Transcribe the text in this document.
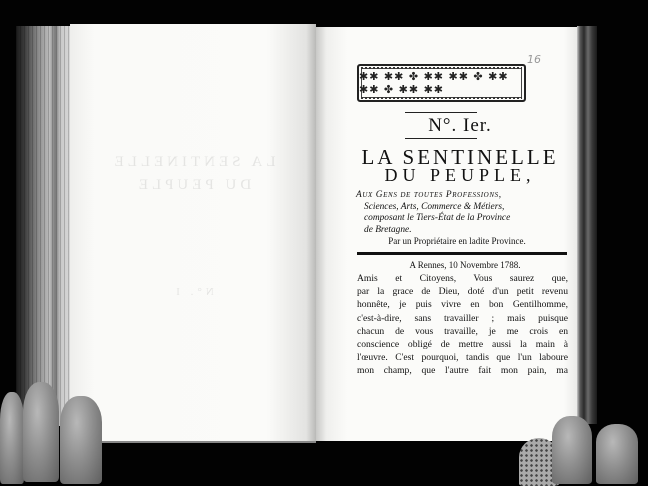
LA SENTINELLE
DU PEUPLE
N°. I
16
✱✱ ✱✱ ✤ ✱✱ ✱✱ ✤ ✱✱ ✱✱ ✤ ✱✱ ✱✱
N°. Ier.
LA SENTINELLE
DU PEUPLE,
Aux Gens de toutes Professions,
Sciences, Arts, Commerce & Métiers,
composant le Tiers-État de la Province
de Bretagne.
Par un Propriétaire en ladite Province.
A Rennes, 10 Novembre 1788.
Amis et Citoyens, Vous saurez que,
par la grace de Dieu, doté d'un petit revenu
honnête, je puis vivre en bon Gentilhomme,
c'est-à-dire, sans travailler ; mais puisque
chacun de vous travaille, je me crois en
conscience obligé de mettre aussi la main à
l'œuvre. C'est pourquoi, tandis que l'un laboure
mon champ, que l'autre fait mon pain, ma
